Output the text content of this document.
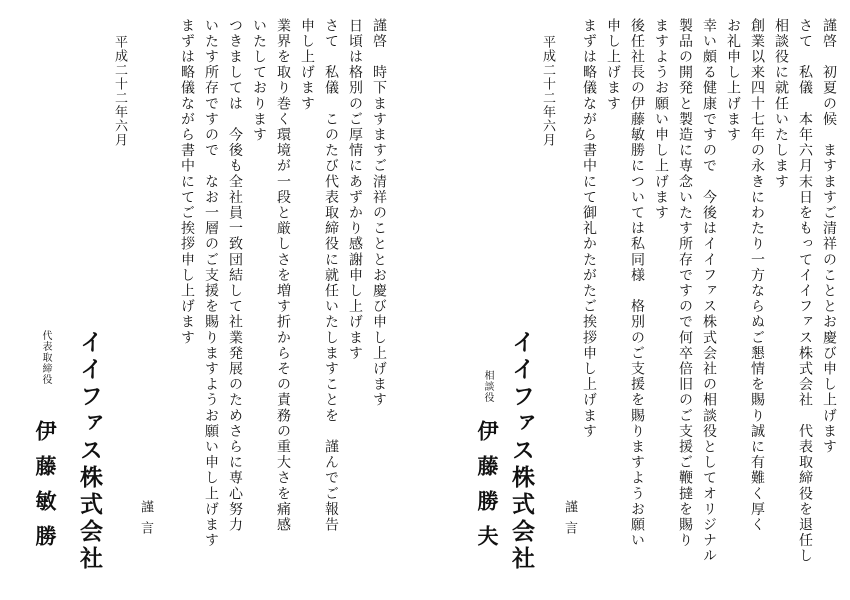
謹啓　初夏の候　ますますご清祥のこととお慶び申し上げます
さて　私儀　本年六月末日をもってイイファス株式会社　代表取締役を退任し
相談役に就任いたします
創業以来四十七年の永きにわたり一方ならぬご懇情を賜り誠に有難く厚く
お礼申し上げます
幸い頗る健康ですので　今後はイイファス株式会社の相談役としてオリジナル
製品の開発と製造に専念いたす所存ですので何卒倍旧のご支援ご鞭撻を賜り
ますようお願い申し上げます
後任社長の伊藤敏勝については私同様　格別のご支援を賜りますようお願い
申し上げます
まずは略儀ながら書中にて御礼かたがたご挨拶申し上げます
謹言
平成二十二年六月
イイファス株式会社
相談役
伊藤勝夫
謹啓　時下ますますご清祥のこととお慶び申し上げます
日頃は格別のご厚情にあずかり感謝申し上げます
さて　私儀　このたび代表取締役に就任いたしますことを　謹んでご報告
申し上げます
業界を取り巻く環境が一段と厳しさを増す折からその責務の重大さを痛感
いたしております
つきましては　今後も全社員一致団結して社業発展のためさらに専心努力
いたす所存ですので　なお一層のご支援を賜りますようお願い申し上げます
まずは略儀ながら書中にてご挨拶申し上げます
謹言
平成二十二年六月
イイファス株式会社
代表取締役
伊藤敏勝
